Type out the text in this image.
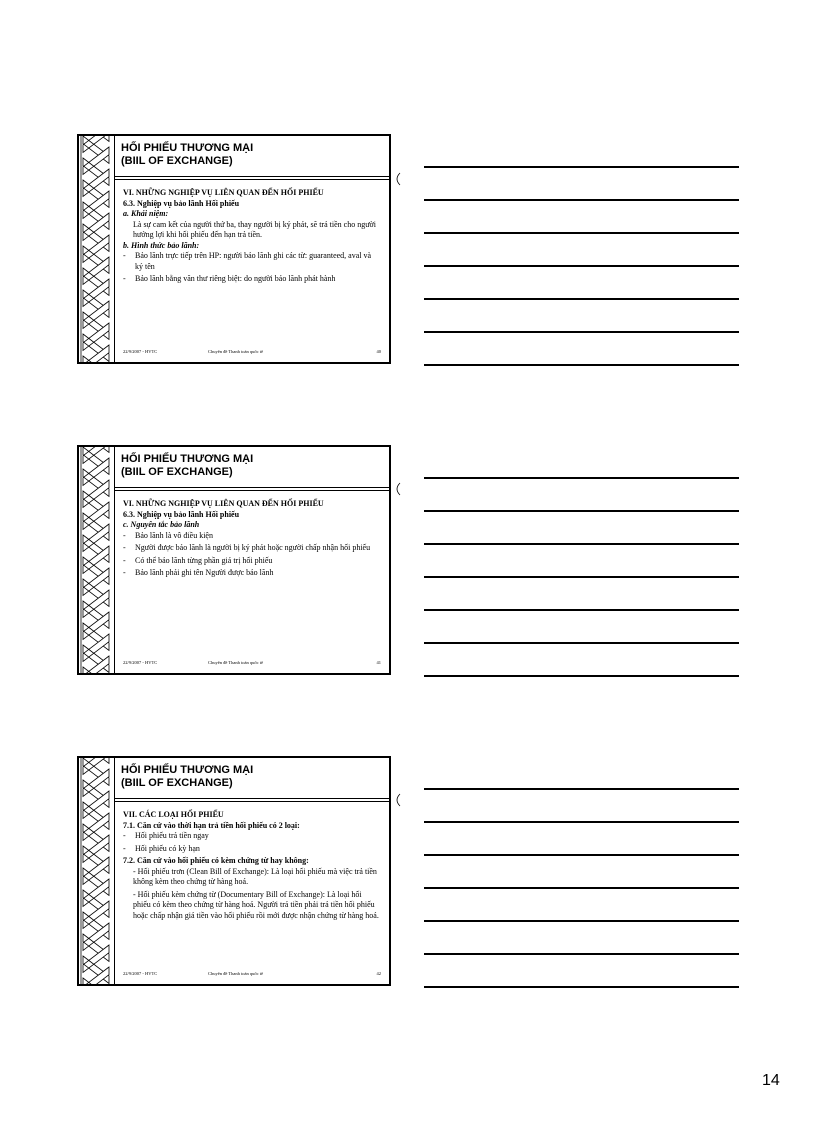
HỐI PHIẾU THƯƠNG MẠI
(BIIL OF EXCHANGE)
VI. NHỮNG NGHIỆP VỤ LIÊN QUAN ĐẾN HỐI PHIẾU
6.3. Nghiệp vụ bảo lãnh Hối phiếu
a. Khái niệm:
Là sự cam kết của người thứ ba, thay người bị ký phát, sẽ trả tiền cho người hưởng lợi khi hối phiếu đến hạn trả tiền.
b. Hình thức bảo lãnh:
- Bảo lãnh trực tiếp trên HP: người bảo lãnh ghi các từ: guaranteed, aval và ký tên
- Bảo lãnh bằng văn thư riêng biệt: do người bảo lãnh phát hành
22/9/2007 - HVTC	Chuyên đề Thanh toán quốc tế	40
HỐI PHIẾU THƯƠNG MẠI
(BIIL OF EXCHANGE)
VI. NHỮNG NGHIỆP VỤ LIÊN QUAN ĐẾN HỐI PHIẾU
6.3. Nghiệp vụ bảo lãnh Hối phiếu
c. Nguyên tắc bảo lãnh
- Bảo lãnh là vô điều kiện
- Người được bảo lãnh là người bị ký phát hoặc người chấp nhận hối phiếu
- Có thể bảo lãnh từng phần giá trị hối phiếu
- Bảo lãnh phải ghi tên Người được bảo lãnh
22/9/2007 - HVTC	Chuyên đề Thanh toán quốc tế	41
HỐI PHIẾU THƯƠNG MẠI
(BIIL OF EXCHANGE)
VII. CÁC LOẠI HỐI PHIẾU
7.1. Căn cứ vào thời hạn trả tiền hối phiếu có 2 loại:
- Hối phiếu trả tiền ngay
- Hối phiếu có kỳ hạn
7.2. Căn cứ vào hối phiếu có kèm chứng từ hay không:
- Hối phiếu trơn (Clean Bill of Exchange): Là loại hối phiếu mà việc trả tiền không kèm theo chứng từ hàng hoá.
- Hối phiếu kèm chứng từ (Documentary Bill of Exchange): Là loại hối phiếu có kèm theo chứng từ hàng hoá. Người trả tiền phải trả tiền hối phiếu hoặc chấp nhận giá tiền vào hối phiếu rồi mới được nhận chứng từ hàng hoá.
22/9/2007 - HVTC	Chuyên đề Thanh toán quốc tế	42
14
